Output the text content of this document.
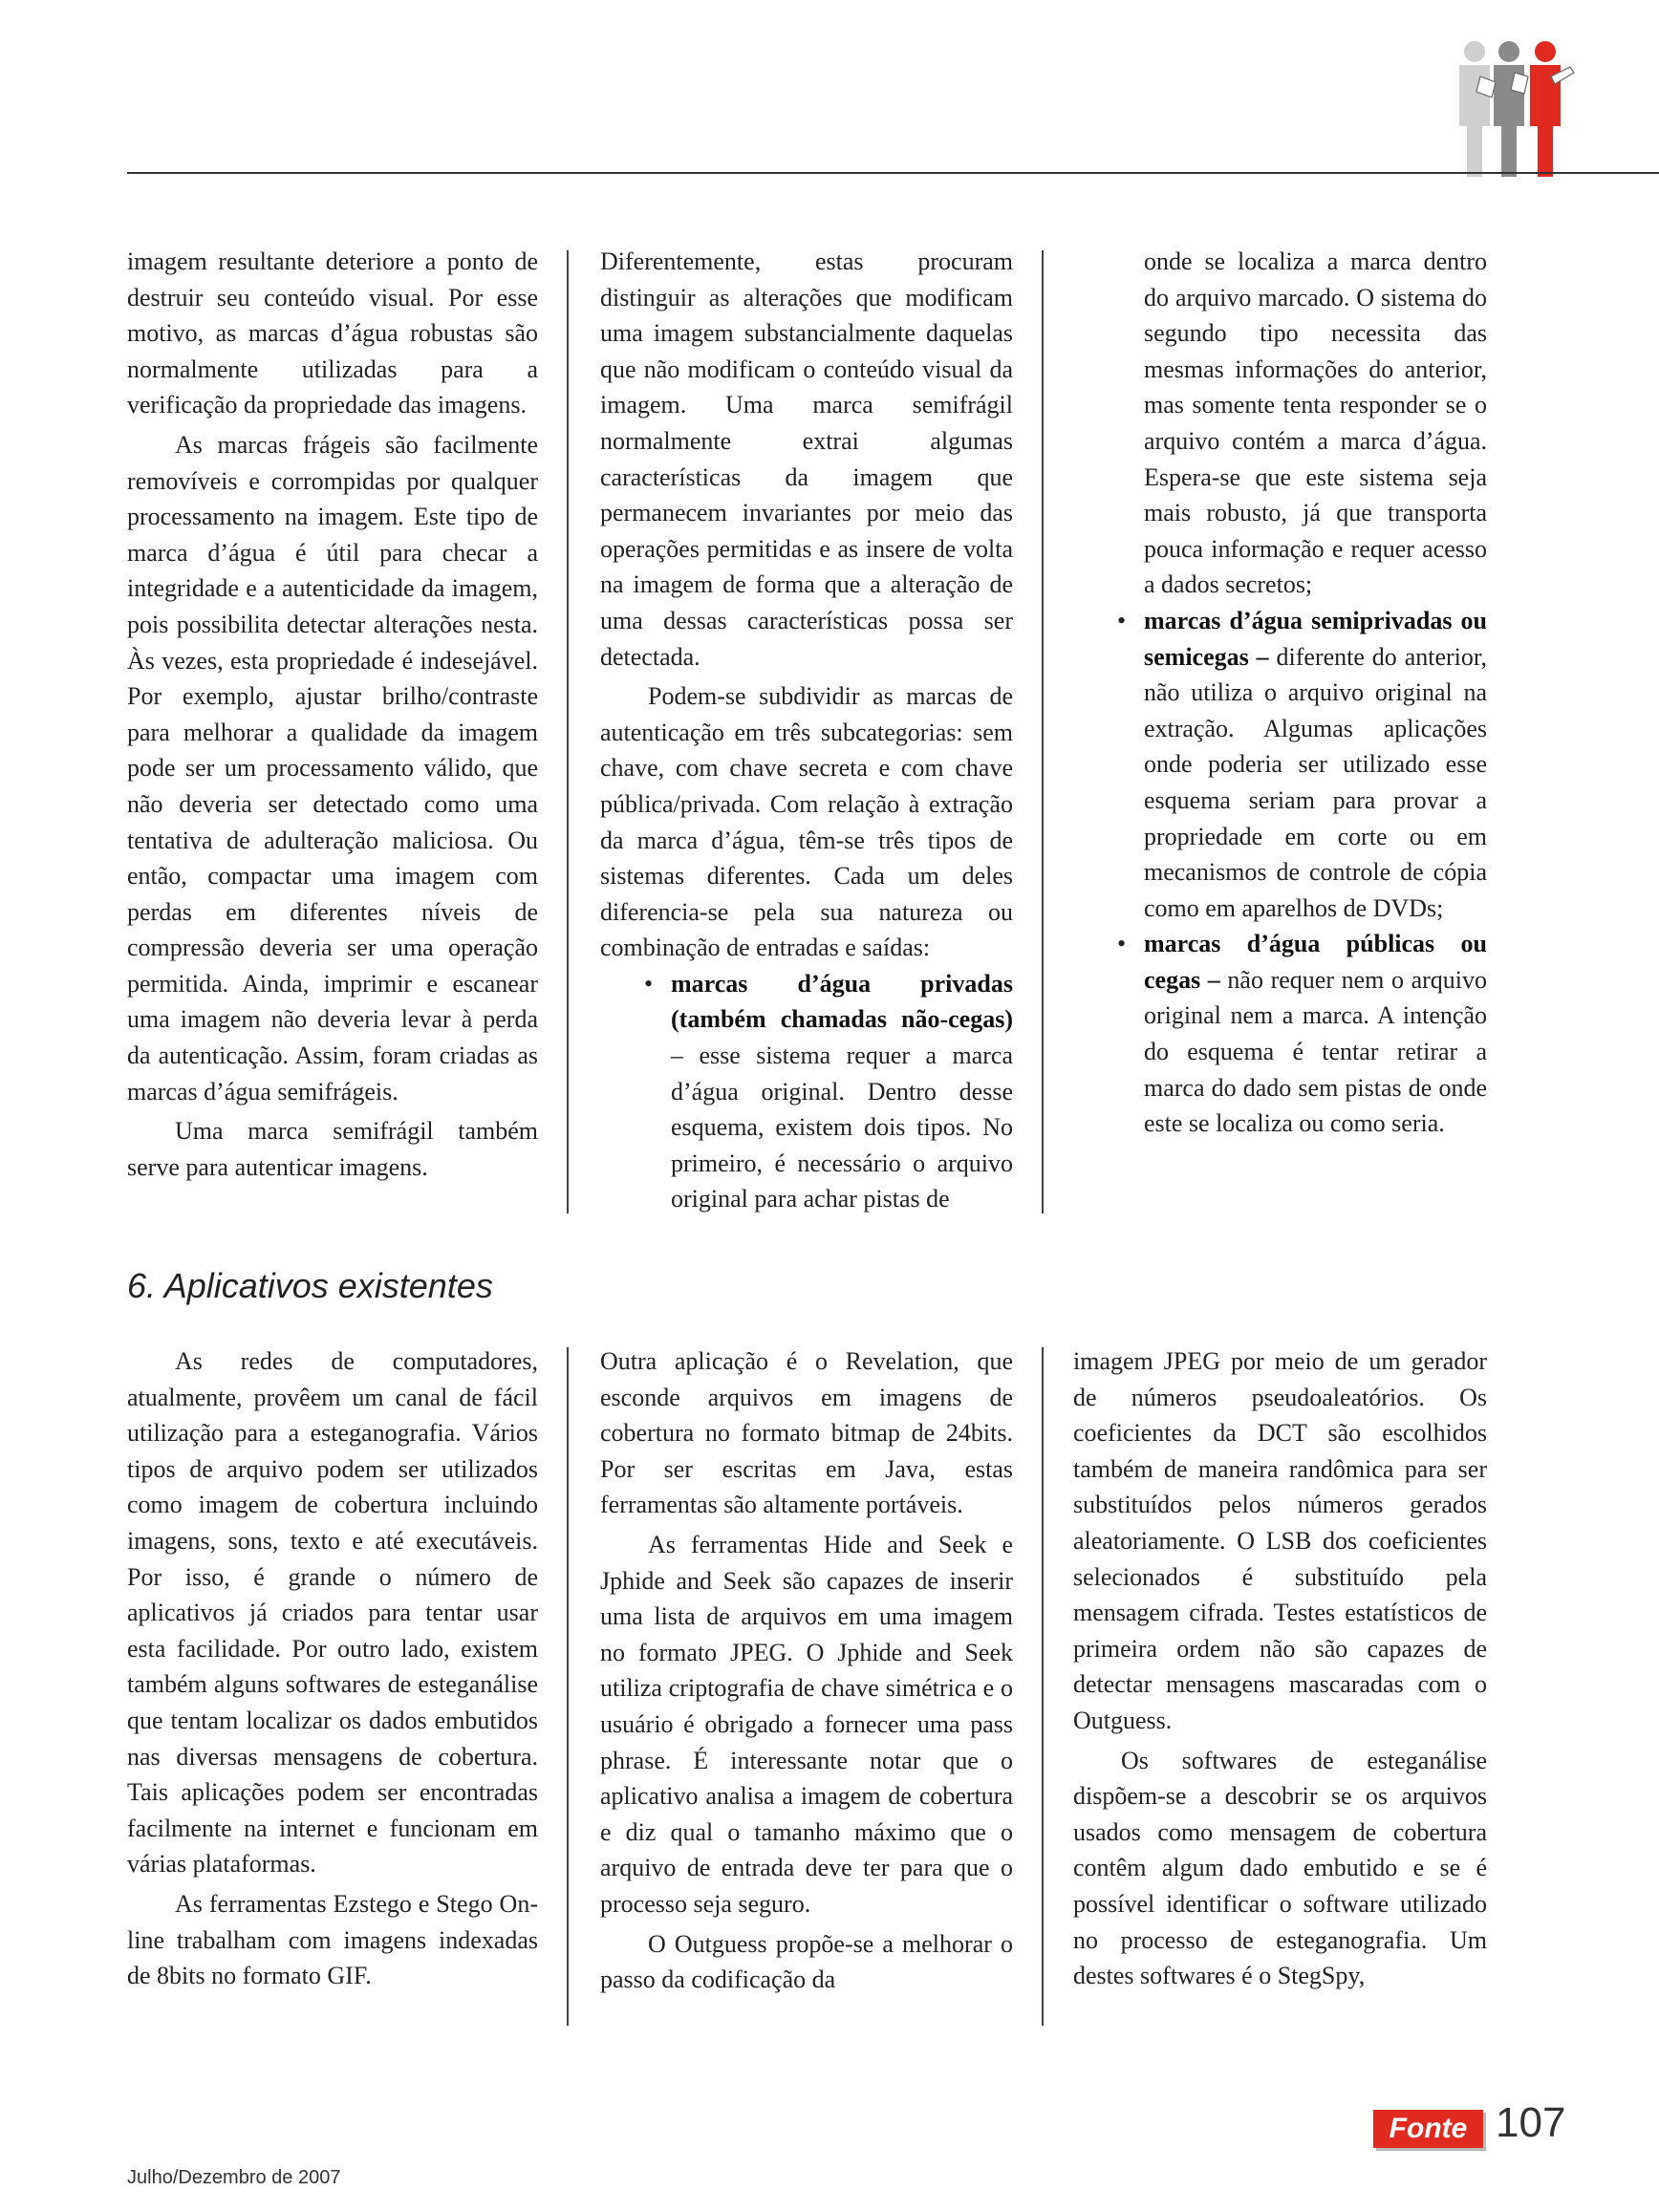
imagem resultante deteriore a ponto de destruir seu conteúdo visual. Por esse motivo, as marcas d’água robustas são normalmente utilizadas para a verificação da propriedade das imagens.

As marcas frágeis são facilmente removíveis e corrompidas por qualquer processamento na imagem. Este tipo de marca d’água é útil para checar a integridade e a autenticidade da imagem, pois possibilita detectar alterações nesta. Às vezes, esta propriedade é indesejável. Por exemplo, ajustar brilho/contraste para melhorar a qualidade da imagem pode ser um processamento válido, que não deveria ser detectado como uma tentativa de adulteração maliciosa. Ou então, compactar uma imagem com perdas em diferentes níveis de compressão deveria ser uma operação permitida. Ainda, imprimir e escanear uma imagem não deveria levar à perda da autenticação. Assim, foram criadas as marcas d’água semifrágeis.

Uma marca semifrágil também serve para autenticar imagens.

Diferentemente, estas procuram distinguir as alterações que modificam uma imagem substancialmente daquelas que não modificam o conteúdo visual da imagem. Uma marca semifrágil normalmente extrai algumas características da imagem que permanecem invariantes por meio das operações permitidas e as insere de volta na imagem de forma que a alteração de uma dessas características possa ser detectada.

Podem-se subdividir as marcas de autenticação em três subcategorias: sem chave, com chave secreta e com chave pública/privada. Com relação à extração da marca d’água, têm-se três tipos de sistemas diferentes. Cada um deles diferencia-se pela sua natureza ou combinação de entradas e saídas:

• marcas d’água privadas (também chamadas não-cegas) – esse sistema requer a marca d’água original. Dentro desse esquema, existem dois tipos. No primeiro, é necessário o arquivo original para achar pistas de
onde se localiza a marca dentro do arquivo marcado. O sistema do segundo tipo necessita das mesmas informações do anterior, mas somente tenta responder se o arquivo contém a marca d’água. Espera-se que este sistema seja mais robusto, já que transporta pouca informação e requer acesso a dados secretos;
• marcas d’água semiprivadas ou semicegas – diferente do anterior, não utiliza o arquivo original na extração. Algumas aplicações onde poderia ser utilizado esse esquema seriam para provar a propriedade em corte ou em mecanismos de controle de cópia como em aparelhos de DVDs;
• marcas d’água públicas ou cegas – não requer nem o arquivo original nem a marca. A intenção do esquema é tentar retirar a marca do dado sem pistas de onde este se localiza ou como seria.
6. Aplicativos existentes

As redes de computadores, atualmente, provêem um canal de fácil utilização para a esteganografia. Vários tipos de arquivo podem ser utilizados como imagem de cobertura incluindo imagens, sons, texto e até executáveis. Por isso, é grande o número de aplicativos já criados para tentar usar esta facilidade. Por outro lado, existem também alguns softwares de esteganálise que tentam localizar os dados embutidos nas diversas mensagens de cobertura. Tais aplicações podem ser encontradas facilmente na internet e funcionam em várias plataformas.

As ferramentas Ezstego e Stego On-line trabalham com imagens indexadas de 8bits no formato GIF.

Outra aplicação é o Revelation, que esconde arquivos em imagens de cobertura no formato bitmap de 24bits. Por ser escritas em Java, estas ferramentas são altamente portáveis.

As ferramentas Hide and Seek e Jphide and Seek são capazes de inserir uma lista de arquivos em uma imagem no formato JPEG. O Jphide and Seek utiliza criptografia de chave simétrica e o usuário é obrigado a fornecer uma pass phrase. É interessante notar que o aplicativo analisa a imagem de cobertura e diz qual o tamanho máximo que o arquivo de entrada deve ter para que o processo seja seguro.

O Outguess propõe-se a melhorar o passo da codificação da

imagem JPEG por meio de um gerador de números pseudoaleatórios. Os coeficientes da DCT são escolhidos também de maneira randômica para ser substituídos pelos números gerados aleatoriamente. O LSB dos coeficientes selecionados é substituído pela mensagem cifrada. Testes estatísticos de primeira ordem não são capazes de detectar mensagens mascaradas com o Outguess.

Os softwares de esteganálise dispõem-se a descobrir se os arquivos usados como mensagem de cobertura contêm algum dado embutido e se é possível identificar o software utilizado no processo de esteganografia. Um destes softwares é o StegSpy,

Julho/Dezembro de 2007
Fonte 107
